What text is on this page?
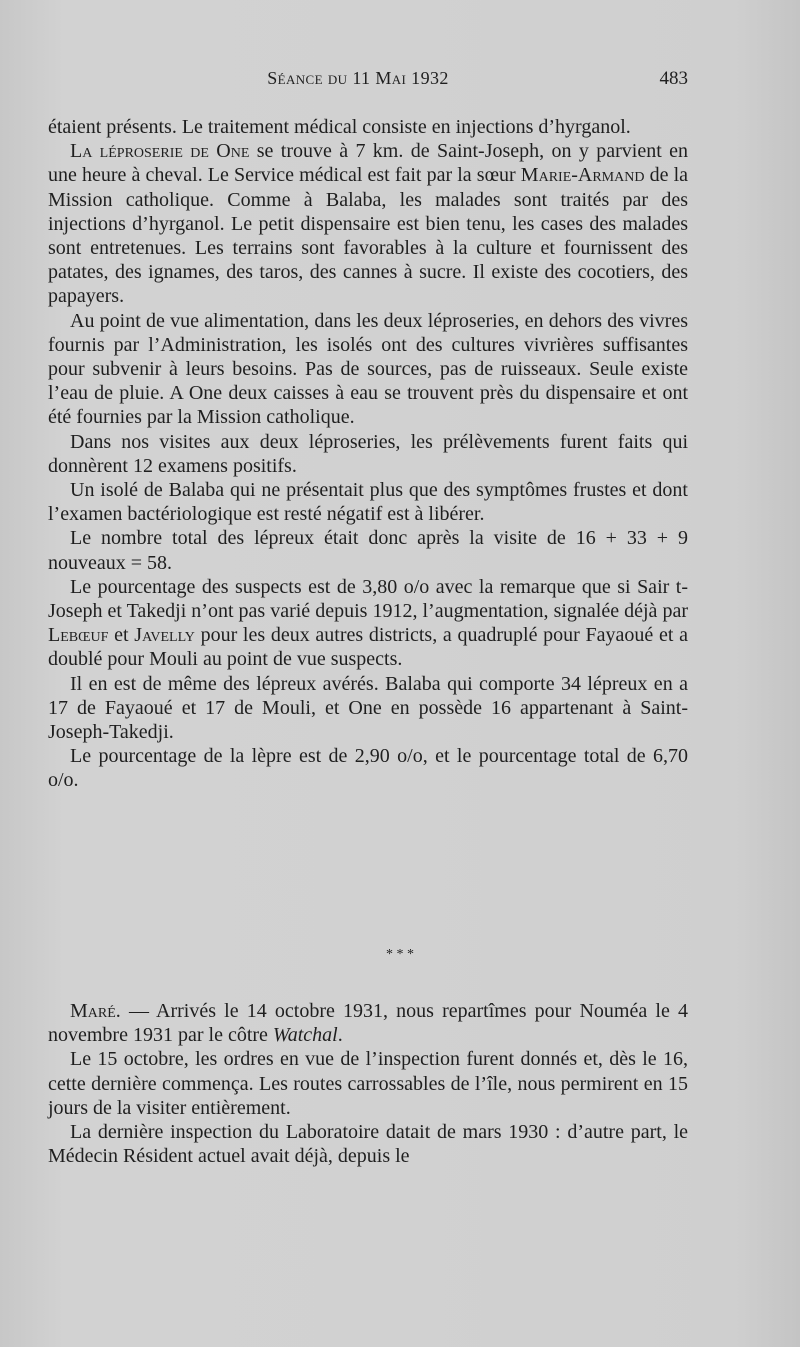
Séance du 11 Mai 1932	483

étaient présents. Le traitement médical consiste en injections d’hyrganol.

La léproserie de One se trouve à 7 km. de Saint-Joseph, on y parvient en une heure à cheval. Le Service médical est fait par la sœur Marie-Armand de la Mission catholique. Comme à Balaba, les malades sont traités par des injections d’hyrganol. Le petit dispensaire est bien tenu, les cases des malades sont entretenues. Les terrains sont favorables à la culture et fournissent des patates, des ignames, des taros, des cannes à sucre. Il existe des cocotiers, des papayers.

Au point de vue alimentation, dans les deux léproseries, en dehors des vivres fournis par l’Administration, les isolés ont des cultures vivrières suffisantes pour subvenir à leurs besoins. Pas de sources, pas de ruisseaux. Seule existe l’eau de pluie. A One deux caisses à eau se trouvent près du dispensaire et ont été fournies par la Mission catholique.

Dans nos visites aux deux léproseries, les prélèvements furent faits qui donnèrent 12 examens positifs.

Un isolé de Balaba qui ne présentait plus que des symptômes frustes et dont l’examen bactériologique est resté négatif est à libérer.

Le nombre total des lépreux était donc après la visite de 16 + 33 + 9 nouveaux = 58.

Le pourcentage des suspects est de 3,80 o/o avec la remarque que si Sair t-Joseph et Takedji n’ont pas varié depuis 1912, l’augmentation, signalée déjà par Lebœuf et Javelly pour les deux autres districts, a quadruplé pour Fayaoué et a doublé pour Mouli au point de vue suspects.

Il en est de même des lépreux avérés. Balaba qui comporte 34 lépreux en a 17 de Fayaoué et 17 de Mouli, et One en possède 16 appartenant à Saint-Joseph-Takedji.

Le pourcentage de la lèpre est de 2,90 o/o, et le pourcentage total de 6,70 o/o.

* * *

Maré. — Arrivés le 14 octobre 1931, nous repartîmes pour Nouméa le 4 novembre 1931 par le côtre Watchal.

Le 15 octobre, les ordres en vue de l’inspection furent donnés et, dès le 16, cette dernière commença. Les routes carrossables de l’île, nous permirent en 15 jours de la visiter entièrement.

La dernière inspection du Laboratoire datait de mars 1930 : d’autre part, le Médecin Résident actuel avait déjà, depuis le
